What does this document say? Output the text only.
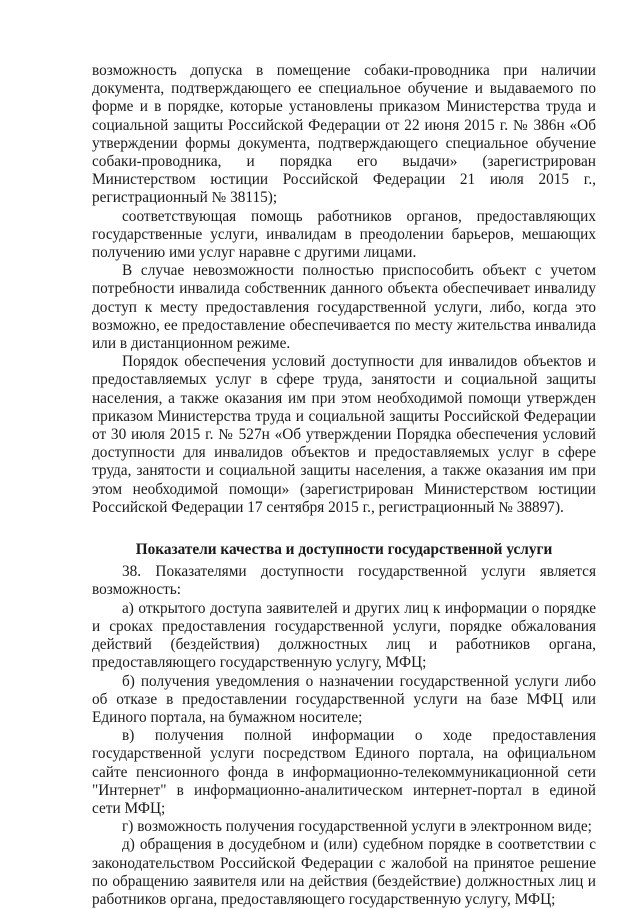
возможность допуска в помещение собаки-проводника при наличии документа, подтверждающего ее специальное обучение и выдаваемого по форме и в порядке, которые установлены приказом Министерства труда и социальной защиты Российской Федерации от 22 июня 2015 г. № 386н «Об утверждении формы документа, подтверждающего специальное обучение собаки-проводника, и порядка его выдачи» (зарегистрирован Министерством юстиции Российской Федерации 21 июля 2015 г., регистрационный № 38115);

соответствующая помощь работников органов, предоставляющих государственные услуги, инвалидам в преодолении барьеров, мешающих получению ими услуг наравне с другими лицами.

В случае невозможности полностью приспособить объект с учетом потребности инвалида собственник данного объекта обеспечивает инвалиду доступ к месту предоставления государственной услуги, либо, когда это возможно, ее предоставление обеспечивается по месту жительства инвалида или в дистанционном режиме.

Порядок обеспечения условий доступности для инвалидов объектов и предоставляемых услуг в сфере труда, занятости и социальной защиты населения, а также оказания им при этом необходимой помощи утвержден приказом Министерства труда и социальной защиты Российской Федерации от 30 июля 2015 г. № 527н «Об утверждении Порядка обеспечения условий доступности для инвалидов объектов и предоставляемых услуг в сфере труда, занятости и социальной защиты населения, а также оказания им при этом необходимой помощи» (зарегистрирован Министерством юстиции Российской Федерации 17 сентября 2015 г., регистрационный № 38897).

Показатели качества и доступности государственной услуги

38. Показателями доступности государственной услуги является возможность:

а) открытого доступа заявителей и других лиц к информации о порядке и сроках предоставления государственной услуги, порядке обжалования действий (бездействия) должностных лиц и работников органа, предоставляющего государственную услугу, МФЦ;

б) получения уведомления о назначении государственной услуги либо об отказе в предоставлении государственной услуги на базе МФЦ или Единого портала, на бумажном носителе;

в) получения полной информации о ходе предоставления государственной услуги посредством Единого портала, на официальном сайте пенсионного фонда в информационно-телекоммуникационной сети "Интернет" в информационно-аналитическом интернет-портал в единой сети МФЦ;

г) возможность получения государственной услуги в электронном виде;

д) обращения в досудебном и (или) судебном порядке в соответствии с законодательством Российской Федерации с жалобой на принятое решение по обращению заявителя или на действия (бездействие) должностных лиц и работников органа, предоставляющего государственную услугу, МФЦ;
